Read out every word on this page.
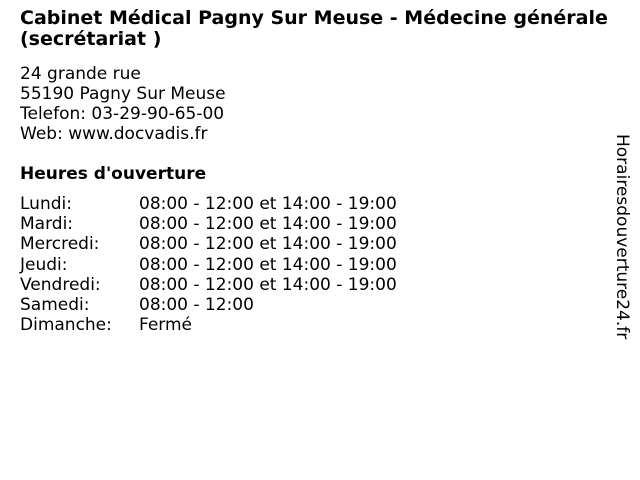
Cabinet Médical Pagny Sur Meuse - Médecine générale (secrétariat )
24 grande rue
55190 Pagny Sur Meuse
Telefon: 03-29-90-65-00
Web: www.docvadis.fr
Heures d'ouverture
Lundi:	08:00 - 12:00 et 14:00 - 19:00
Mardi:	08:00 - 12:00 et 14:00 - 19:00
Mercredi:	08:00 - 12:00 et 14:00 - 19:00
Jeudi:	08:00 - 12:00 et 14:00 - 19:00
Vendredi:	08:00 - 12:00 et 14:00 - 19:00
Samedi:	08:00 - 12:00
Dimanche:	Fermé	Horairesdouverture24.fr
